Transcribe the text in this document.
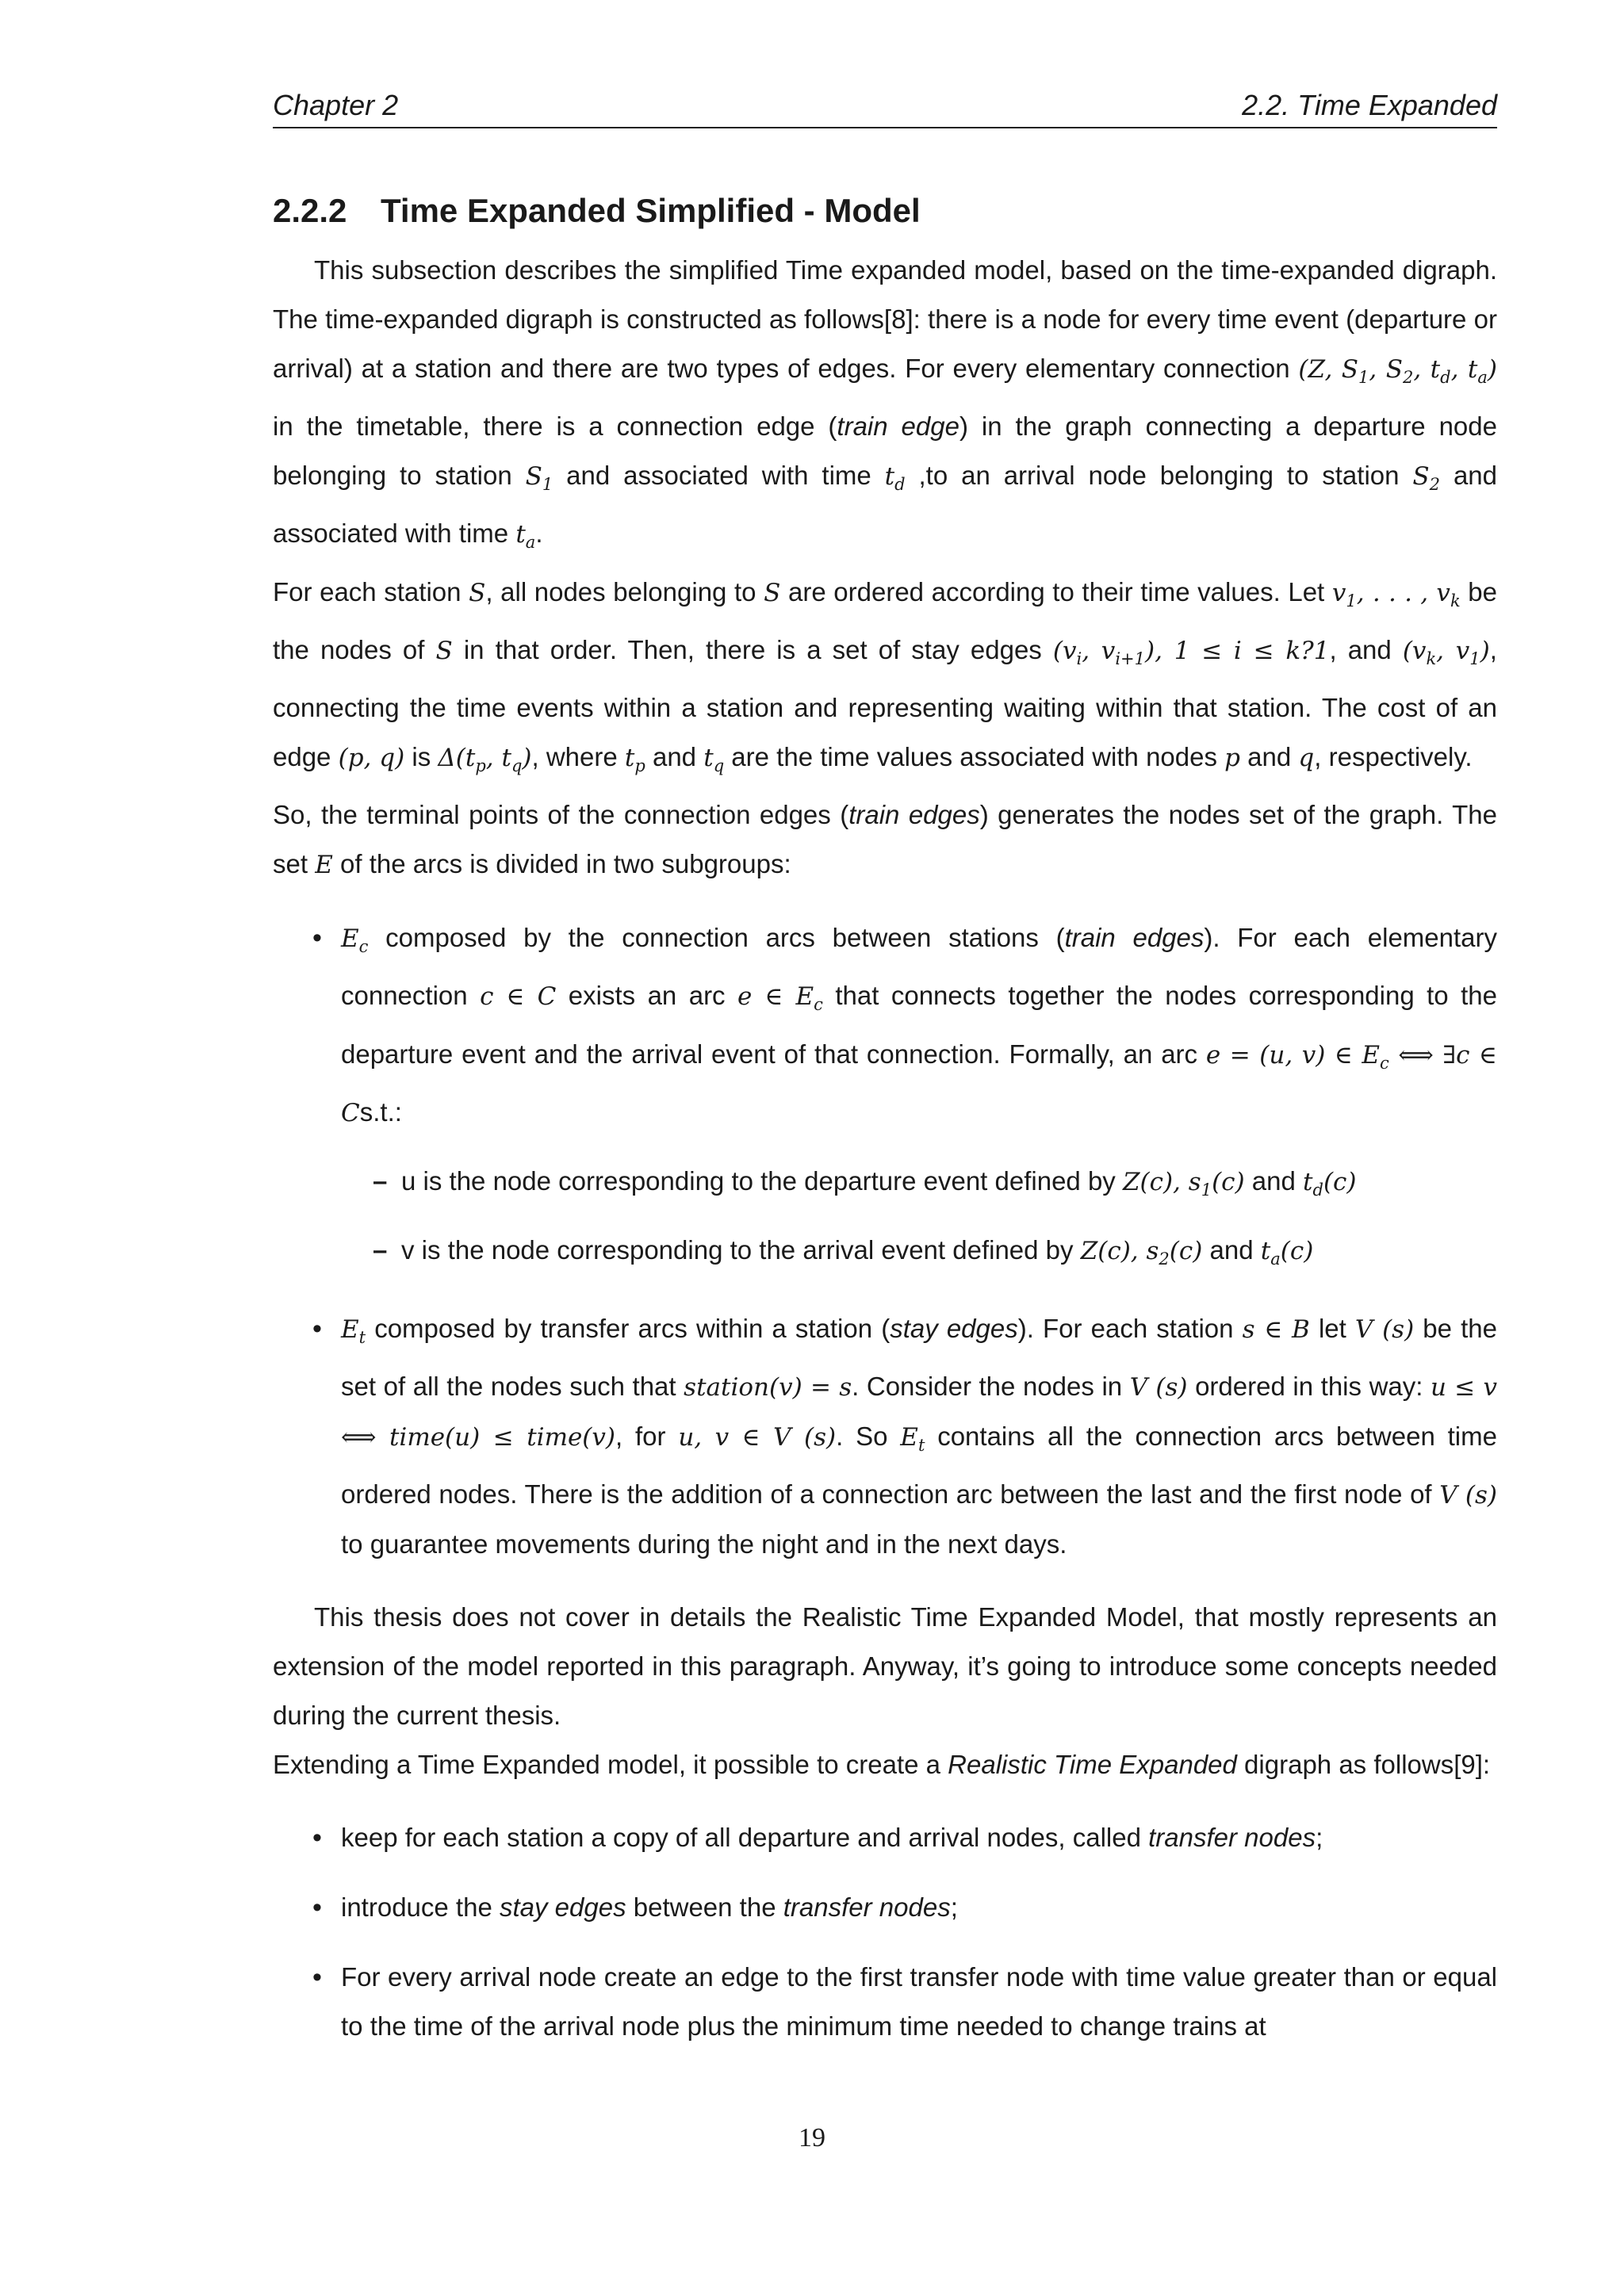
Chapter 2	2.2. Time Expanded
2.2.2 Time Expanded Simplified - Model

This subsection describes the simplified Time expanded model, based on the time-expanded digraph. The time-expanded digraph is constructed as follows[8]: there is a node for every time event (departure or arrival) at a station and there are two types of edges. For every elementary connection (Z, $S_1$, $S_2$, $t_d$, $t_a$) in the timetable, there is a connection edge (train edge) in the graph connecting a departure node belonging to station $S_1$ and associated with time $t_d$ ,to an arrival node belonging to station $S_2$ and associated with time $t_a$.

For each station S, all nodes belonging to S are ordered according to their time values. Let $v_1$, . . . , $v_k$ be the nodes of S in that order. Then, there is a set of stay edges ($v_i$, $v_{i+1}$), 1 ≤ i ≤ k?1, and ($v_k$, $v_1$), connecting the time events within a station and representing waiting within that station. The cost of an edge (p, q) is $\Delta(t_p$, $t_q$), where $t_p$ and $t_q$ are the time values associated with nodes p and q, respectively.

So, the terminal points of the connection edges (train edges) generates the nodes set of the graph. The set E of the arcs is divided in two subgroups:

• $E_c$ composed by the connection arcs between stations (train edges). For each elementary connection c ∈ C exists an arc e ∈ $E_c$ that connects together the nodes corresponding to the departure event and the arrival event of that connection. Formally, an arc e = (u, v) ∈ $E_c$ ⟺ ∃c ∈ Cs.t.:
– u is the node corresponding to the departure event defined by Z(c), $s_1(c)$ and $t_d(c)$
– v is the node corresponding to the arrival event defined by Z(c), $s_2(c)$ and $t_a(c)$
• $E_t$ composed by transfer arcs within a station (stay edges). For each station s ∈ B let V (s) be the set of all the nodes such that station(v) = s. Consider the nodes in V (s) ordered in this way: u ≤ v ⟺ time(u) ≤ time(v), for u, v ∈ V (s). So $E_t$ contains all the connection arcs between time ordered nodes. There is the addition of a connection arc between the last and the first node of V (s) to guarantee movements during the night and in the next days.

This thesis does not cover in details the Realistic Time Expanded Model, that mostly represents an extension of the model reported in this paragraph. Anyway, it’s going to introduce some concepts needed during the current thesis.

Extending a Time Expanded model, it possible to create a Realistic Time Expanded digraph as follows[9]:

• keep for each station a copy of all departure and arrival nodes, called transfer nodes;
• introduce the stay edges between the transfer nodes;
• For every arrival node create an edge to the first transfer node with time value greater than or equal to the time of the arrival node plus the minimum time needed to change trains at
19
